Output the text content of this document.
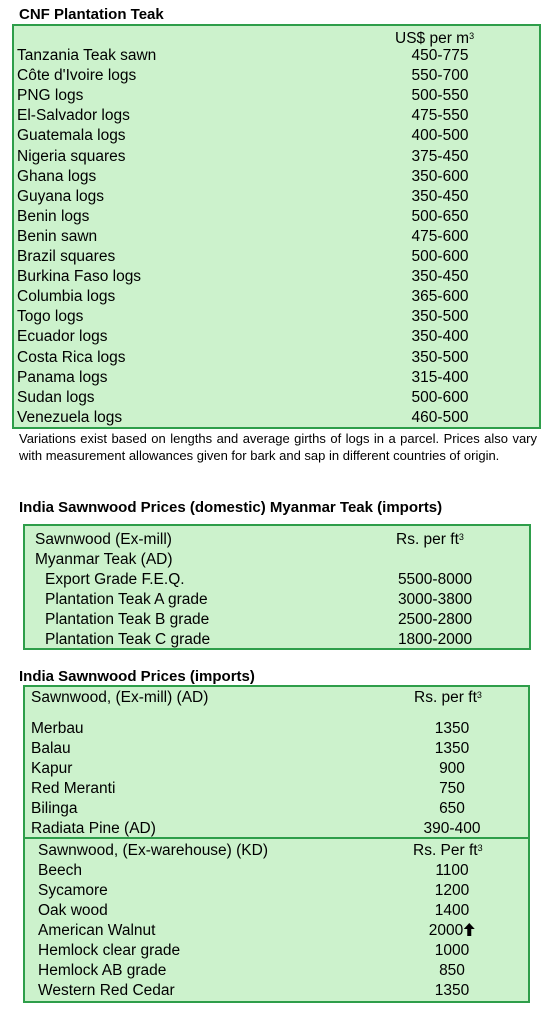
CNF Plantation Teak
US$ per $m^3$
Tanzania Teak sawn	450-775
Côte d'Ivoire logs	550-700
PNG logs	500-550
El-Salvador logs	475-550
Guatemala logs	400-500
Nigeria squares	375-450
Ghana logs	350-600
Guyana logs	350-450
Benin logs	500-650
Benin sawn	475-600
Brazil squares	500-600
Burkina Faso logs	350-450
Columbia logs	365-600
Togo logs	350-500
Ecuador logs	350-400
Costa Rica logs	350-500
Panama logs	315-400
Sudan logs	500-600
Venezuela logs	460-500
Variations exist based on lengths and average girths of logs in a parcel. Prices also vary with measurement allowances given for bark and sap in different countries of origin.
India Sawnwood Prices (domestic) Myanmar Teak (imports)
Sawnwood (Ex-mill)	Rs. per $ft^3$
Myanmar Teak (AD)
Export Grade F.E.Q.	5500-8000
Plantation Teak A grade	3000-3800
Plantation Teak B grade	2500-2800
Plantation Teak C grade	1800-2000
India Sawnwood Prices (imports)
Sawnwood, (Ex-mill) (AD)	Rs. per $ft^3$
Merbau	1350
Balau	1350
Kapur	900
Red Meranti	750
Bilinga	650
Radiata Pine (AD)	390-400
Sawnwood, (Ex-warehouse) (KD)	Rs. Per $ft^3$
Beech	1100
Sycamore	1200
Oak wood	1400
American Walnut	2000
Hemlock clear grade	1000
Hemlock AB grade	850
Western Red Cedar	1350
